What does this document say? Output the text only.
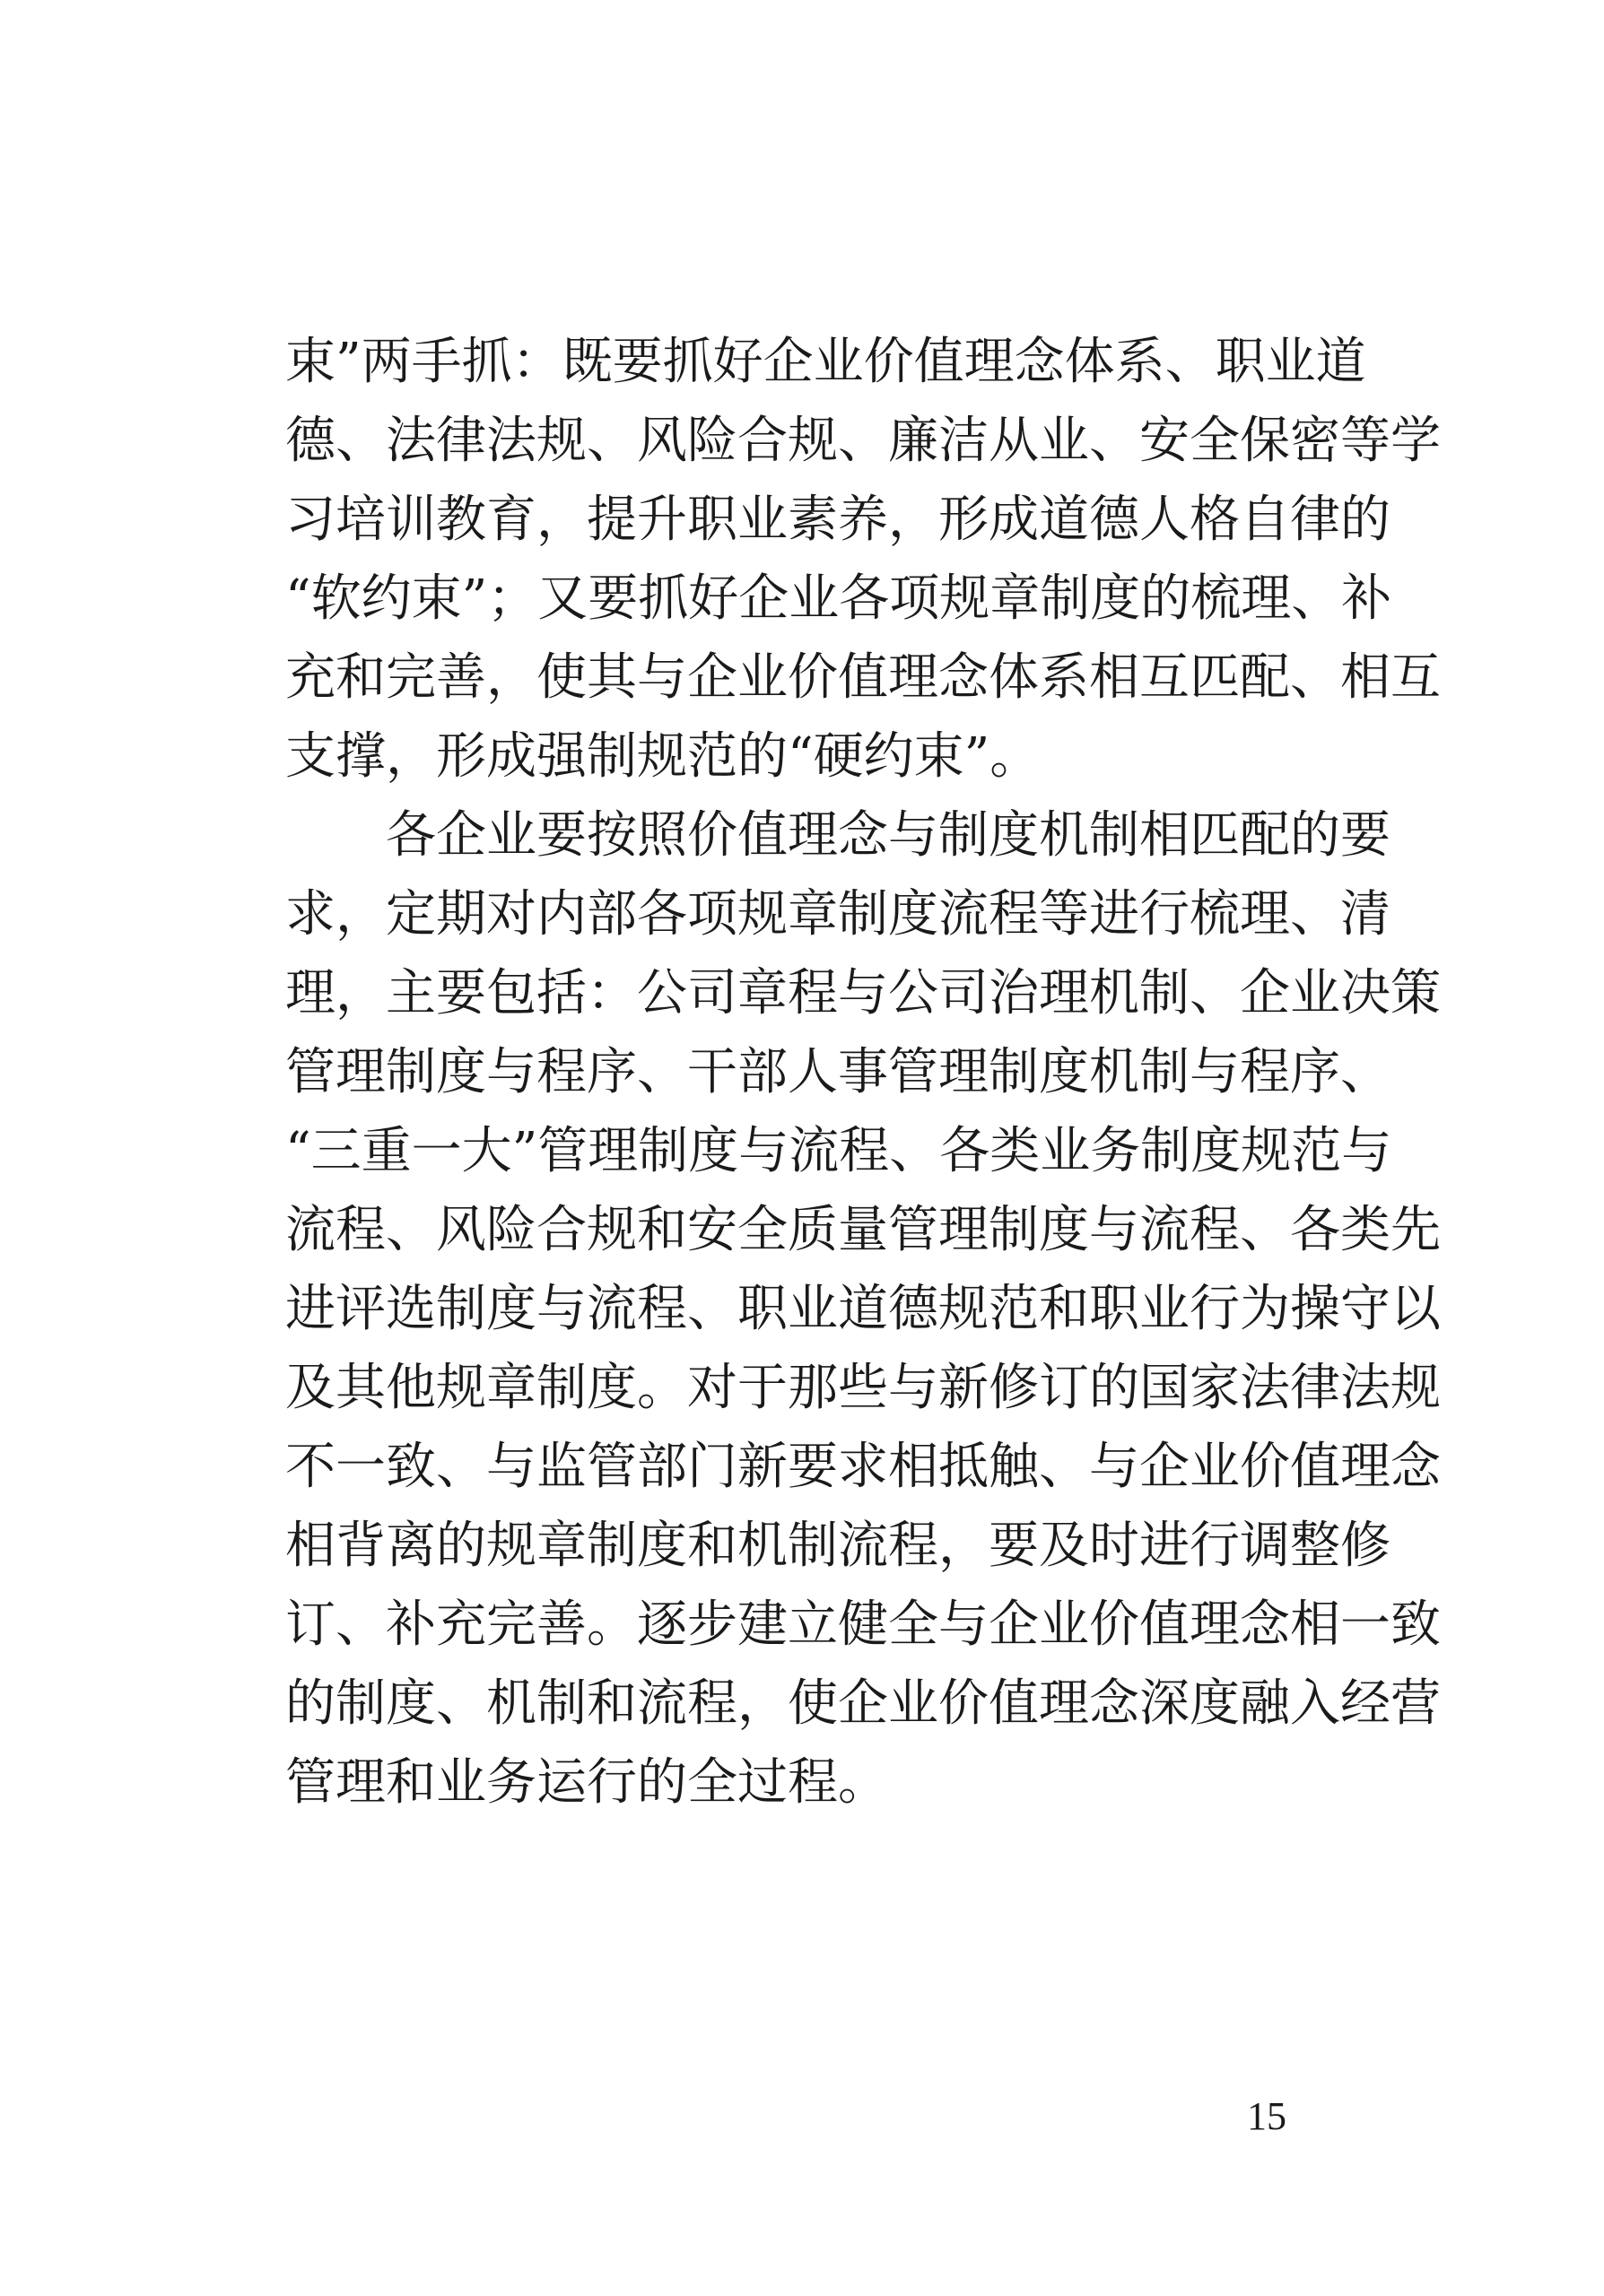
束”两手抓：既要抓好企业价值理念体系、职业道
德、法律法规、风险合规、廉洁从业、安全保密等学
习培训教育，提升职业素养，形成道德人格自律的
“软约束”；又要抓好企业各项规章制度的梳理、补
充和完善，使其与企业价值理念体系相互匹配、相互
支撑，形成强制规范的“硬约束”。
　　各企业要按照价值理念与制度机制相匹配的要
求，定期对内部各项规章制度流程等进行梳理、清
理，主要包括：公司章程与公司治理机制、企业决策
管理制度与程序、干部人事管理制度机制与程序、
“三重一大”管理制度与流程、各类业务制度规范与
流程、风险合规和安全质量管理制度与流程、各类先
进评选制度与流程、职业道德规范和职业行为操守以
及其他规章制度。对于那些与新修订的国家法律法规
不一致、与监管部门新要求相抵触、与企业价值理念
相背离的规章制度和机制流程，要及时进行调整修
订、补充完善。逐步建立健全与企业价值理念相一致
的制度、机制和流程，使企业价值理念深度融入经营
管理和业务运行的全过程。
15
